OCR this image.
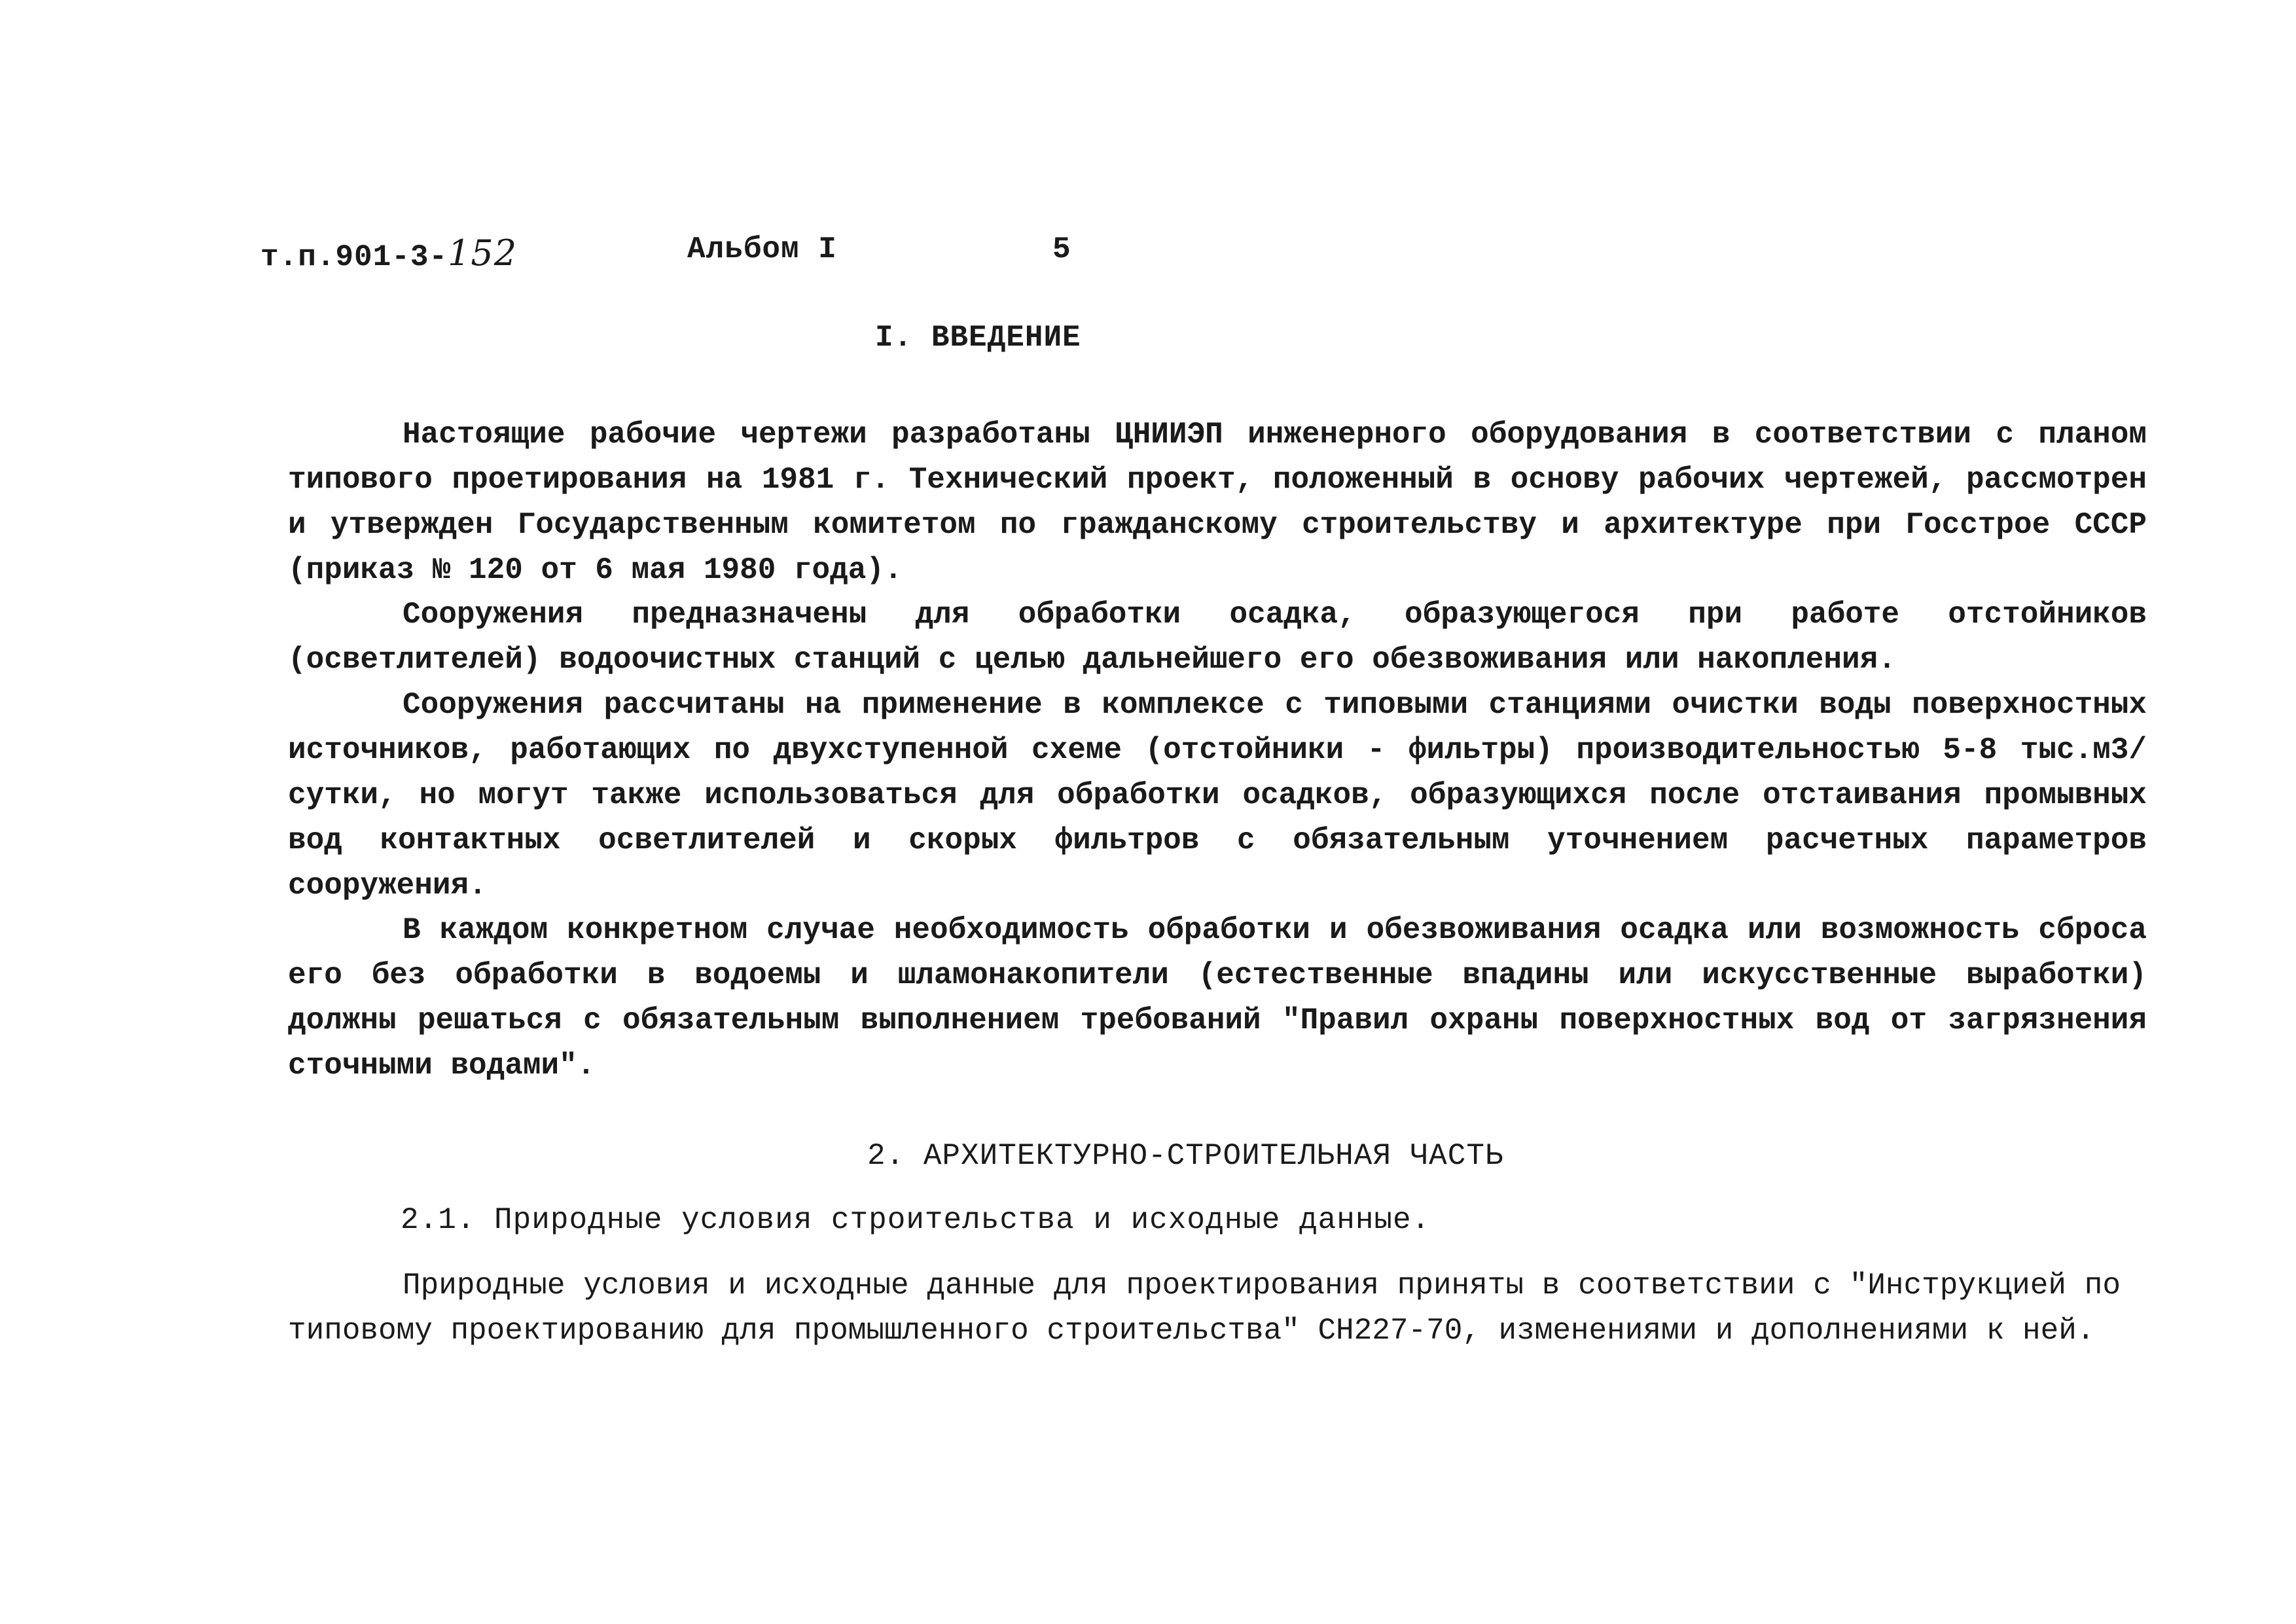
т.п.901-3-152	Альбом I	5
I. ВВЕДЕНИЕ

Настоящие рабочие чертежи разработаны ЦНИИЭП инженерного оборудования в соответствии с планом типового проетирования на 1981 г. Технический проект, положенный в основу рабочих чертежей, рассмотрен и утвержден Государственным комитетом по гражданскому строительству и архитектуре при Госстрое СССР (приказ № 120 от 6 мая 1980 года).

Сооружения предназначены для обработки осадка, образующегося при работе отстойников (осветлителей) водоочистных станций с целью дальнейшего его обезвоживания или накопления.

Сооружения рассчитаны на применение в комплексе с типовыми станциями очистки воды поверхностных источников, работающих по двухступенной схеме (отстойники - фильтры) производительностью 5-8 тыс.м3/сутки, но могут также использоваться для обработки осадков, образующихся после отстаивания промывных вод контактных осветлителей и скорых фильтров с обязательным уточнением расчетных параметров сооружения.

В каждом конкретном случае необходимость обработки и обезвоживания осадка или возможность сброса его без обработки в водоемы и шламонакопители (естественные впадины или искусственные выработки) должны решаться с обязательным выполнением требований "Правил охраны поверхностных вод от загрязнения сточными водами".

2. АРХИТЕКТУРНО-СТРОИТЕЛЬНАЯ ЧАСТЬ
2.1. Природные условия строительства и исходные данные.

Природные условия и исходные данные для проектирования приняты в соответствии с "Инструкцией по типовому проектированию для промышленного строительства" СН227-70, изменениями и дополнениями к ней.
